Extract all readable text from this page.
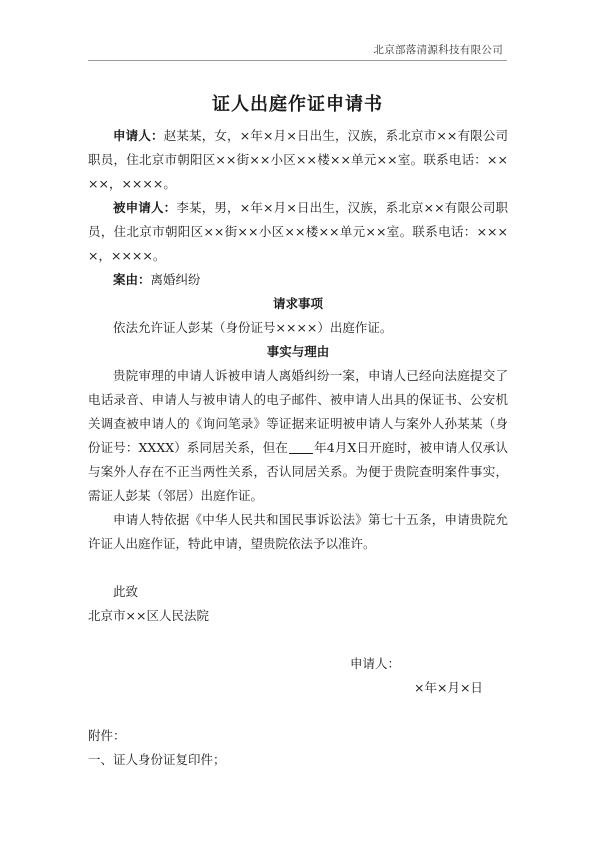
北京部落清源科技有限公司
证人出庭作证申请书

申请人：赵某某，女，×年×月×日出生，汉族，系北京市××有限公司职员，住北京市朝阳区××街××小区××楼××单元××室。联系电话：××××，××××。

被申请人：李某，男，×年×月×日出生，汉族，系北京××有限公司职员，住北京市朝阳区××街××小区××楼××单元××室。联系电话：××××，××××。

案由：离婚纠纷

请求事项

依法允许证人彭某（身份证号××××）出庭作证。

事实与理由

贵院审理的申请人诉被申请人离婚纠纷一案，申请人已经向法庭提交了电话录音、申请人与被申请人的电子邮件、被申请人出具的保证书、公安机关调查被申请人的《询问笔录》等证据来证明被申请人与案外人孙某某（身份证号：XXXX）系同居关系，但在 年4月X日开庭时，被申请人仅承认与案外人存在不正当两性关系，否认同居关系。为便于贵院查明案件事实，需证人彭某（邻居）出庭作证。

申请人特依据《中华人民共和国民事诉讼法》第七十五条，申请贵院允许证人出庭作证，特此申请，望贵院依法予以准许。

此致

北京市××区人民法院

申请人：

×年×月×日

附件：

一、证人身份证复印件；
